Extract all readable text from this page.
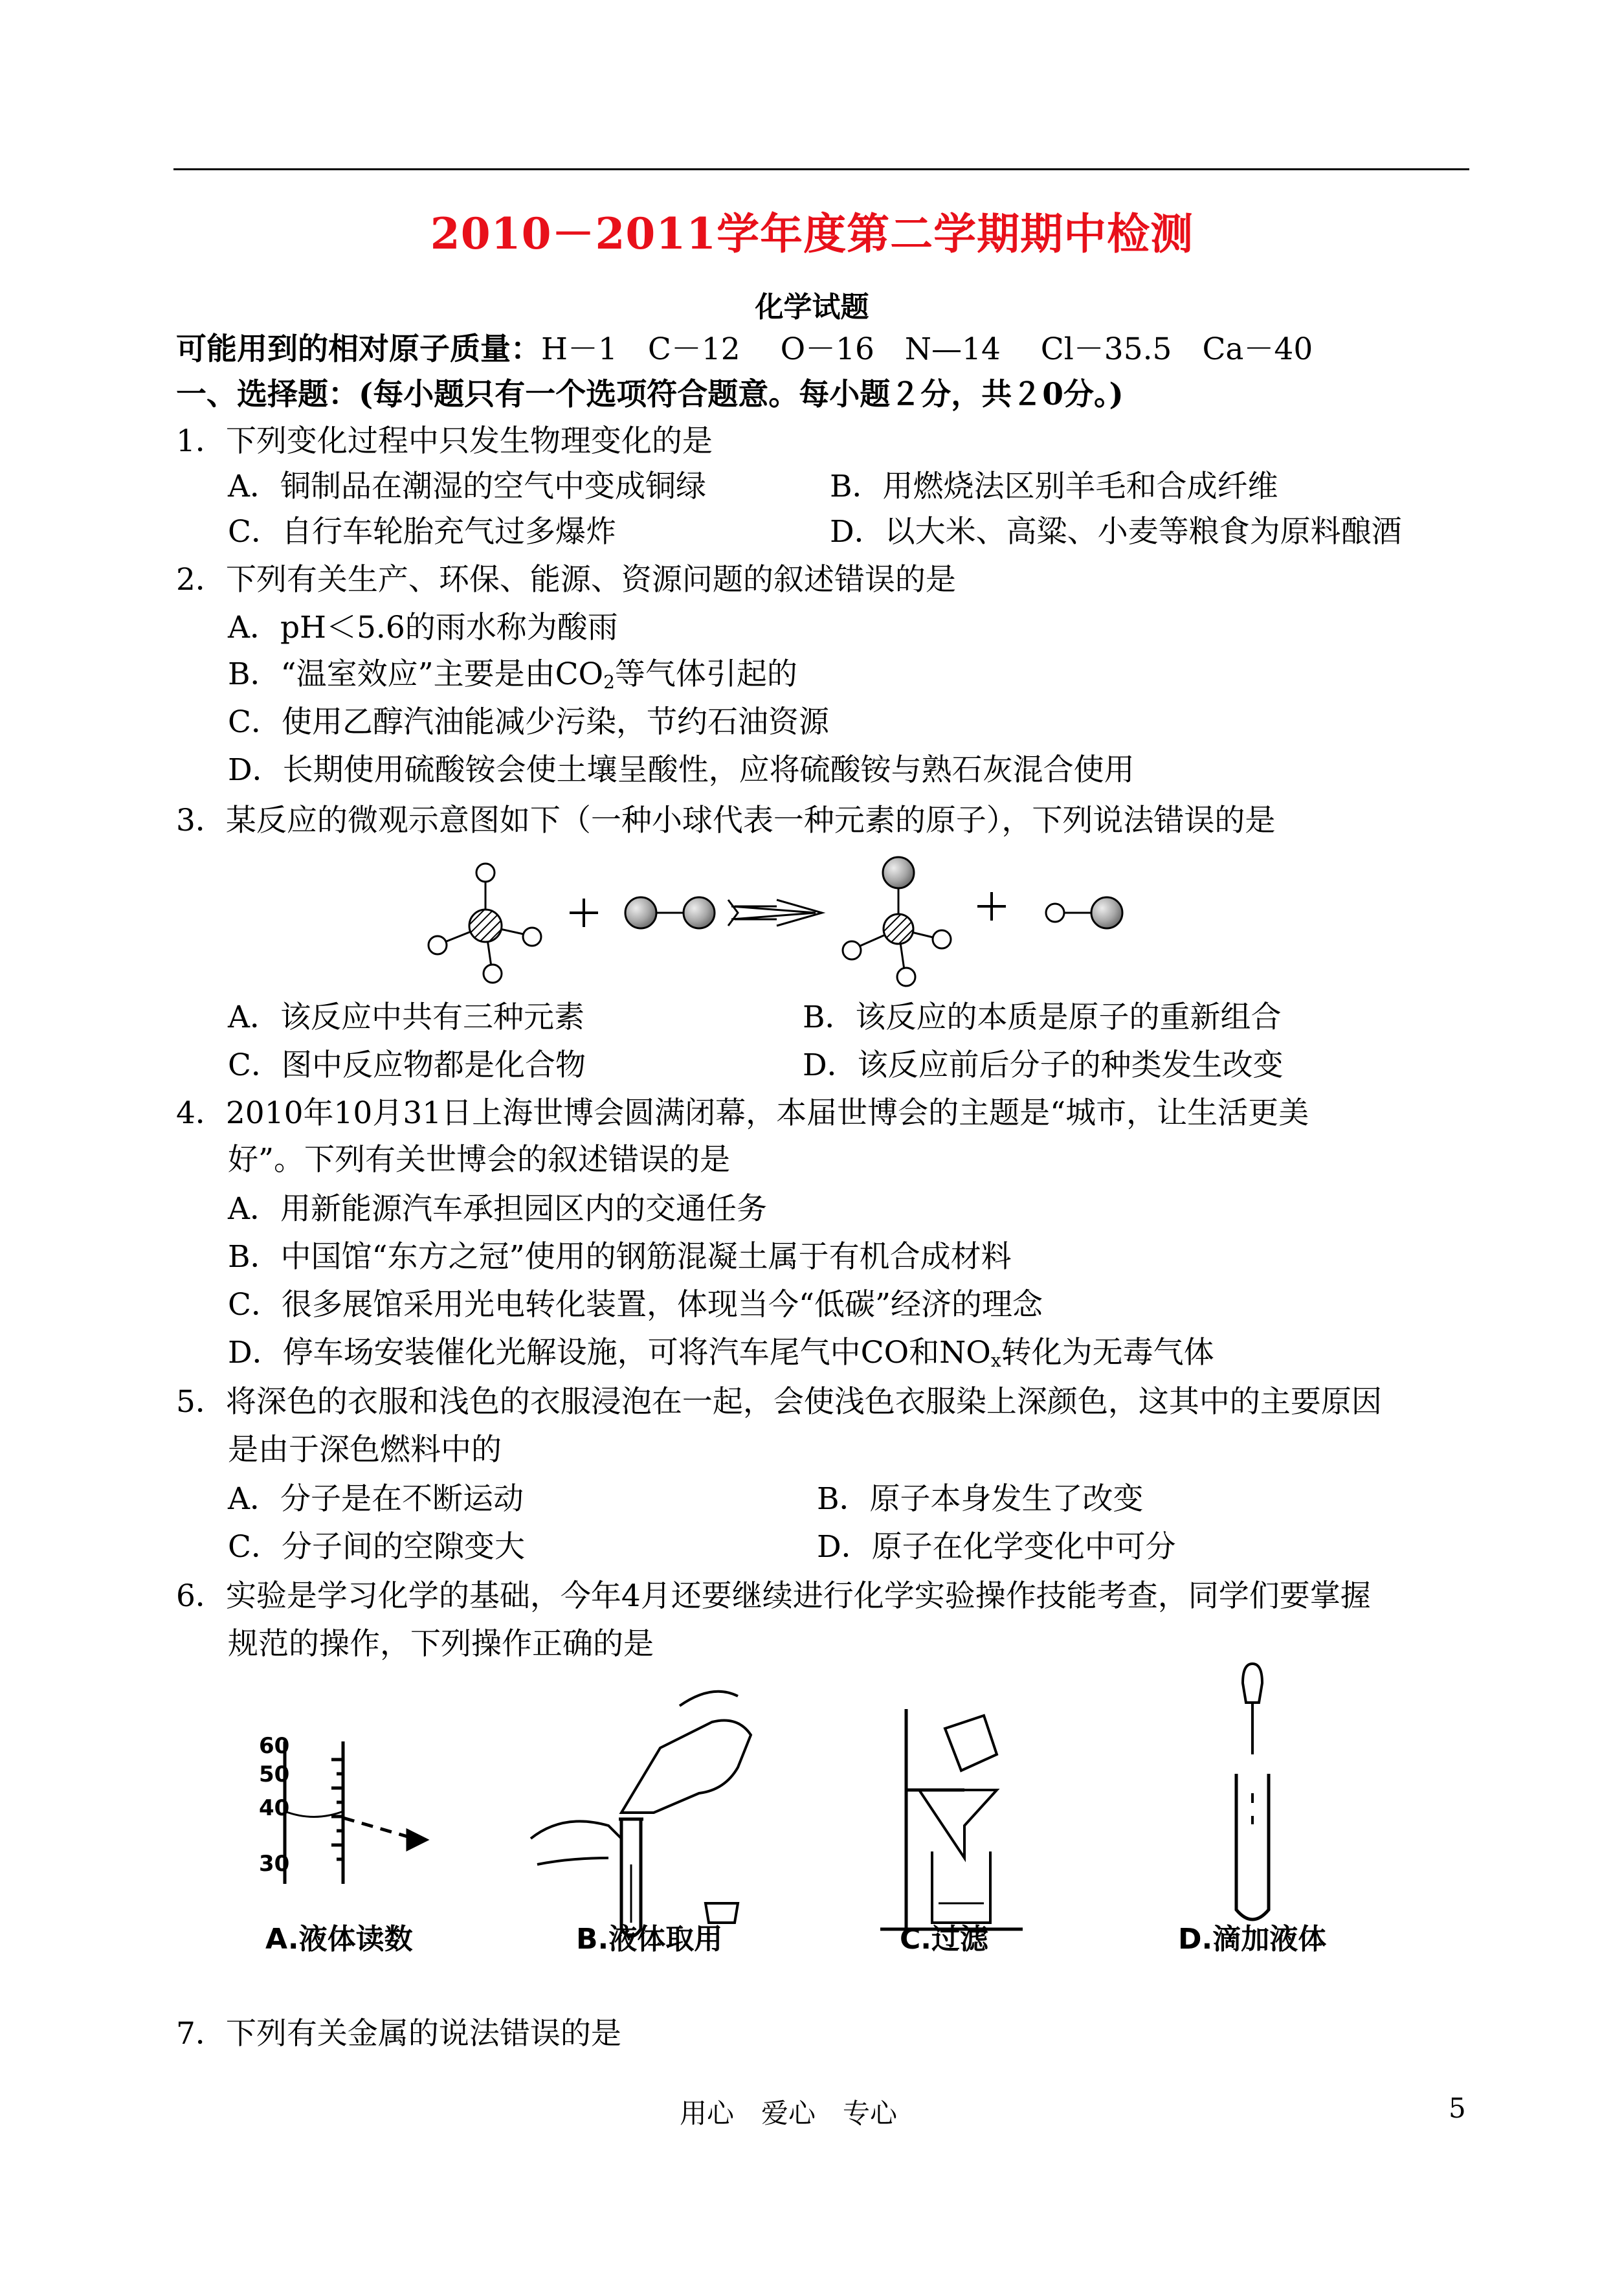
2010－2011学年度第二学期期中检测
化学试题
可能用到的相对原子质量：H－1　C－12　 O－16　N—14　 Cl－35.5　Ca－40
一、选择题：(每小题只有一个选项符合题意。每小题２分，共２0分。)
1．下列变化过程中只发生物理变化的是
A．铜制品在潮湿的空气中变成铜绿	B．用燃烧法区别羊毛和合成纤维
C．自行车轮胎充气过多爆炸	D．以大米、高粱、小麦等粮食为原料酿酒
2．下列有关生产、环保、能源、资源问题的叙述错误的是
A．pH＜5.6的雨水称为酸雨
B．“温室效应”主要是由$CO_2$等气体引起的
C．使用乙醇汽油能减少污染，节约石油资源
D．长期使用硫酸铵会使土壤呈酸性，应将硫酸铵与熟石灰混合使用
3．某反应的微观示意图如下（一种小球代表一种元素的原子），下列说法错误的是
A．该反应中共有三种元素	B．该反应的本质是原子的重新组合
C．图中反应物都是化合物	D．该反应前后分子的种类发生改变
4．2010年10月31日上海世博会圆满闭幕，本届世博会的主题是“城市，让生活更美
好”。下列有关世博会的叙述错误的是
A．用新能源汽车承担园区内的交通任务
B．中国馆“东方之冠”使用的钢筋混凝土属于有机合成材料
C．很多展馆采用光电转化装置，体现当今“低碳”经济的理念
D．停车场安装催化光解设施，可将汽车尾气中CO和$NO_x$转化为无毒气体
5．将深色的衣服和浅色的衣服浸泡在一起，会使浅色衣服染上深颜色，这其中的主要原因
是由于深色燃料中的
A．分子是在不断运动	B．原子本身发生了改变
C．分子间的空隙变大	D．原子在化学变化中可分
6．实验是学习化学的基础，今年4月还要继续进行化学实验操作技能考查，同学们要掌握
规范的操作，下列操作正确的是
60
50
40
30
A.液体读数	B.液体取用	C.过滤	D.滴加液体
7．下列有关金属的说法错误的是
用心　爱心　专心	5
